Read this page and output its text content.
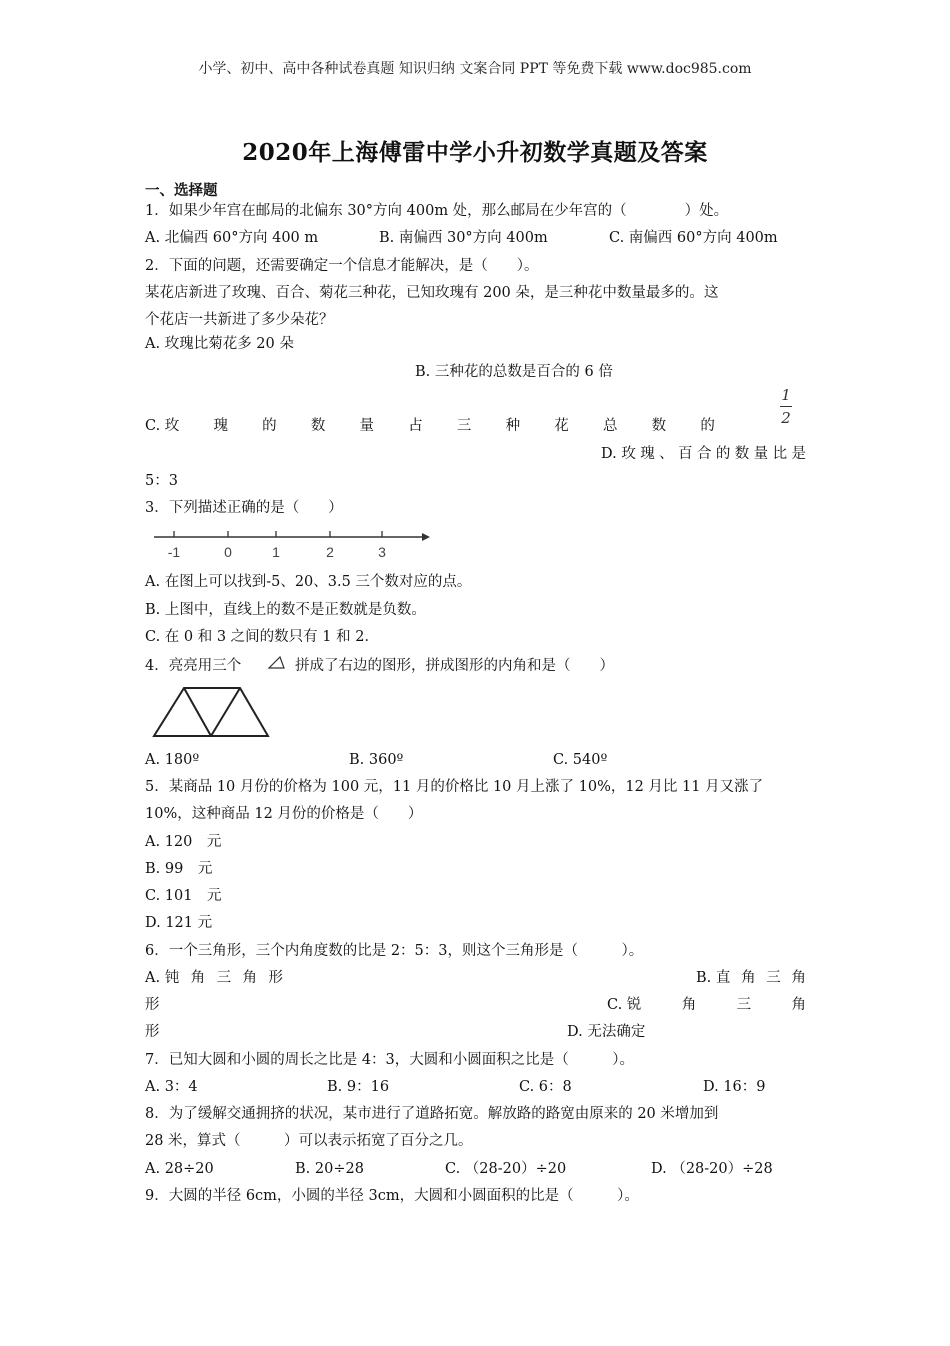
小学、初中、高中各种试卷真题 知识归纳 文案合同 PPT 等免费下载 www.doc985.com
2020年上海傅雷中学小升初数学真题及答案
一、选择题
1．如果少年宫在邮局的北偏东 30°方向 400m 处，那么邮局在少年宫的（　　　　）处。
A. 北偏西 60°方向 400 m	B. 南偏西 30°方向 400m	C. 南偏西 60°方向 400m
2．下面的问题，还需要确定一个信息才能解决，是（　　）。
某花店新进了玫瑰、百合、菊花三种花，已知玫瑰有 200 朵，是三种花中数量最多的。这
个花店一共新进了多少朵花？
A. 玫瑰比菊花多 20 朵
B. 三种花的总数是百合的 6 倍
C. 玫 瑰 的 数 量 占 三 种 花 总 数 的
1
2
D. 玫 瑰 、 百 合 的 数 量 比 是
5：3
3．下列描述正确的是（　　）
-1	0	1	2	3
A. 在图上可以找到-5、20、3.5 三个数对应的点。
B. 上图中，直线上的数不是正数就是负数。
C. 在 0 和 3 之间的数只有 1 和 2．
4．亮亮用三个	拼成了右边的图形，拼成图形的内角和是（　　）
A. 180º	B. 360º	C. 540º
5．某商品 10 月份的价格为 100 元，11 月的价格比 10 月上涨了 10%，12 月比 11 月又涨了
10%，这种商品 12 月份的价格是（　　）
A. 120　元
B. 99　元
C. 101　元
D. 121 元
6．一个三角形，三个内角度数的比是 2：5：3，则这个三角形是（　　　）。
A. 钝 角 三 角 形	B. 直 角 三 角
形	C. 锐	角	三	角
形	D. 无法确定
7．已知大圆和小圆的周长之比是 4：3，大圆和小圆面积之比是（　　　）。
A. 3：4	B. 9：16	C. 6：8	D. 16：9
8．为了缓解交通拥挤的状况，某市进行了道路拓宽。解放路的路宽由原来的 20 米增加到
28 米，算式（　　　）可以表示拓宽了百分之几。
A. 28÷20	B. 20÷28	C. （28-20）÷20	D. （28-20）÷28
9．大圆的半径 6cm，小圆的半径 3cm，大圆和小圆面积的比是（　　　）。
